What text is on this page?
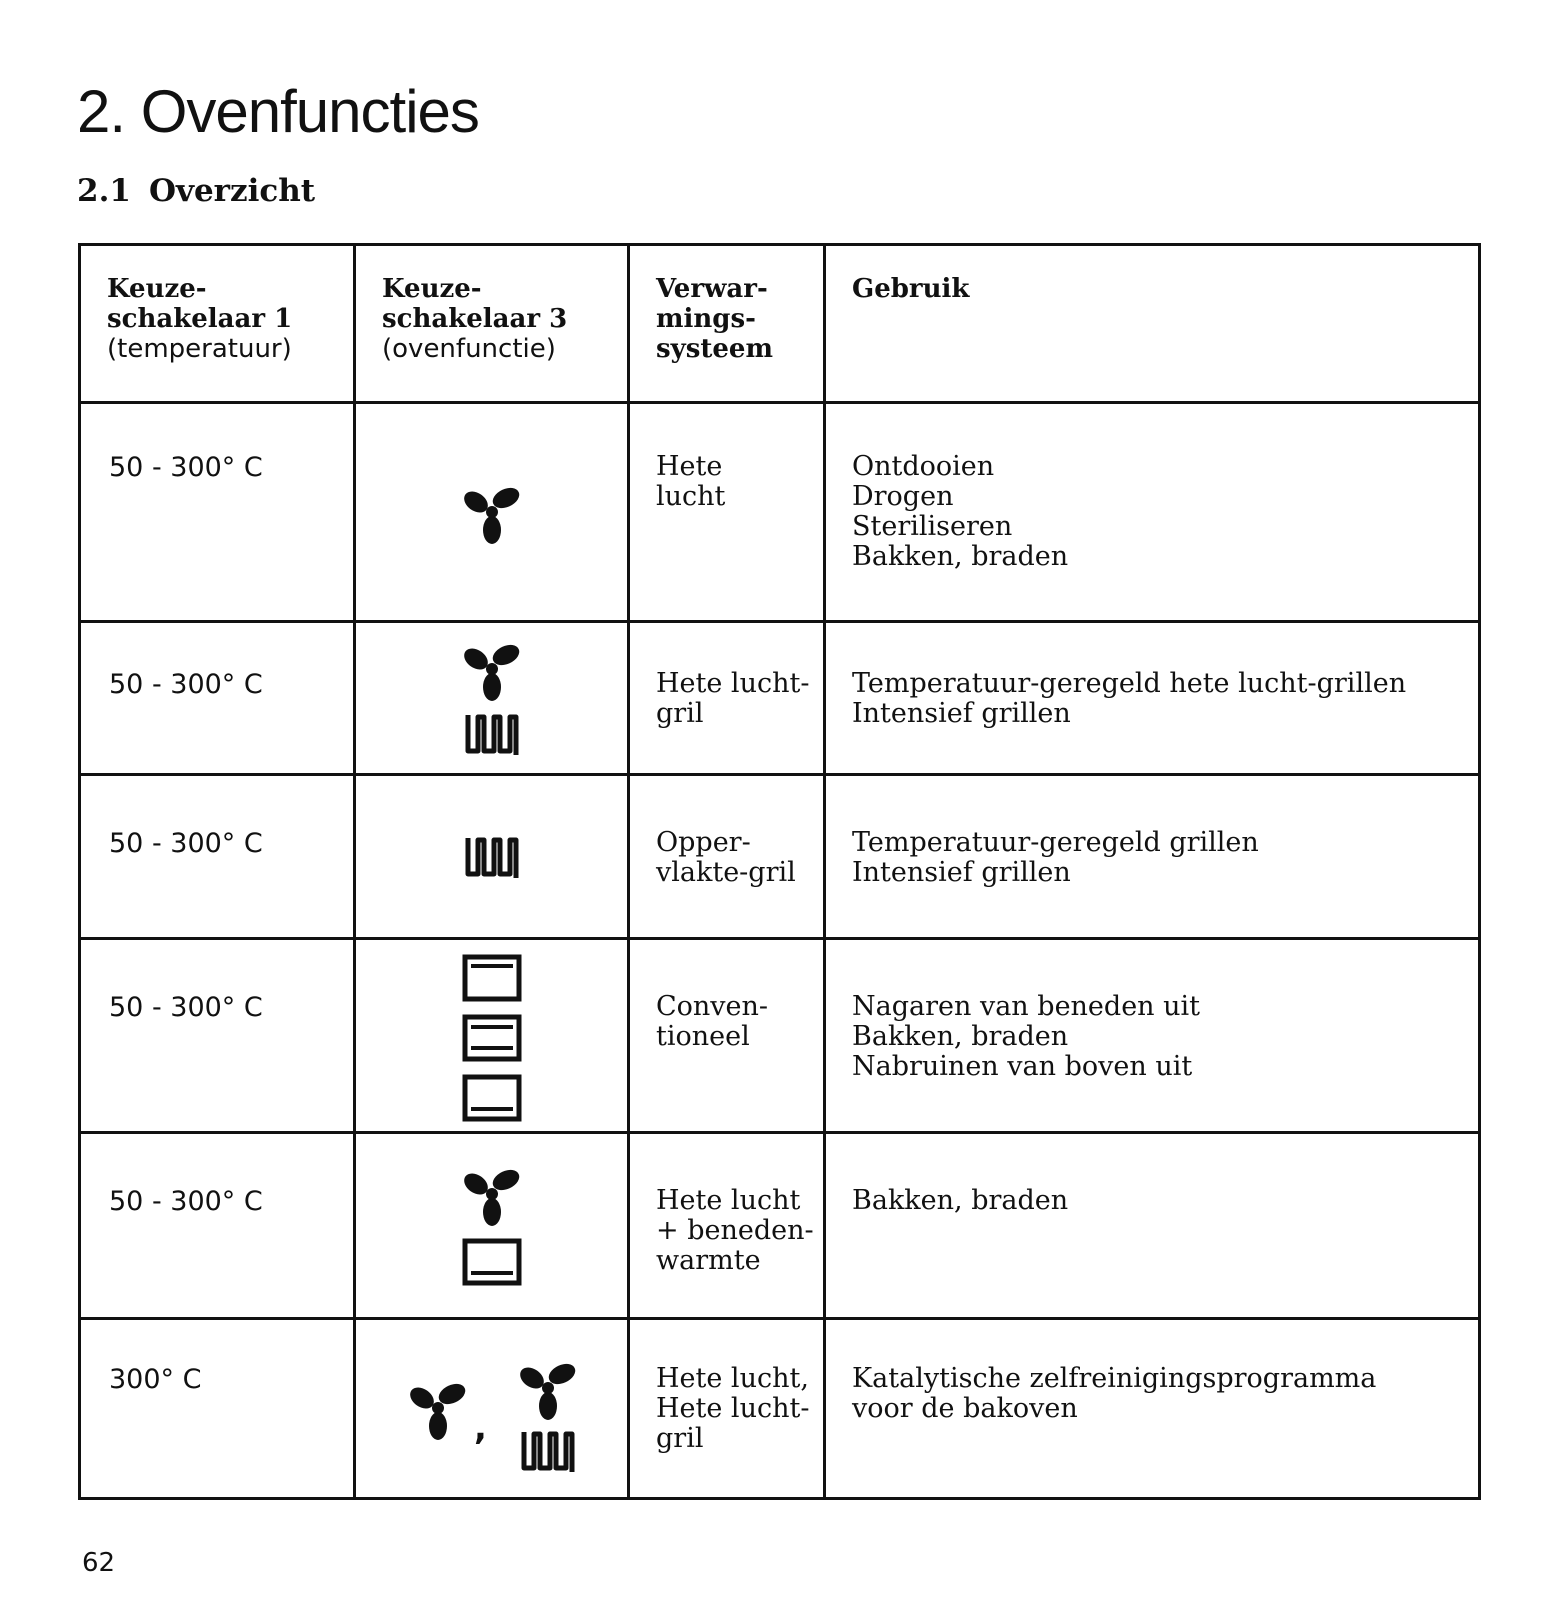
2. Ovenfuncties
2.1 Overzicht
Keuze-
schakelaar 1
(temperatuur)	Keuze-
schakelaar 3
(ovenfunctie)	Verwar-
mings-
systeem	Gebruik

50 - 300° C		Hete
lucht	Ontdooien
Drogen
Steriliseren
Bakken, braden

50 - 300° C		Hete lucht-
gril	Temperatuur-geregeld hete lucht-grillen
Intensief grillen

50 - 300° C		Opper-
vlakte-gril	Temperatuur-geregeld grillen
Intensief grillen

50 - 300° C		Conven-
tioneel	Nagaren van beneden uit
Bakken, braden
Nabruinen van boven uit

50 - 300° C		Hete lucht
+ beneden-
warmte	Bakken, braden

300° C	,	Hete lucht,
Hete lucht-
gril	Katalytische zelfreinigingsprogramma
voor de bakoven
62
